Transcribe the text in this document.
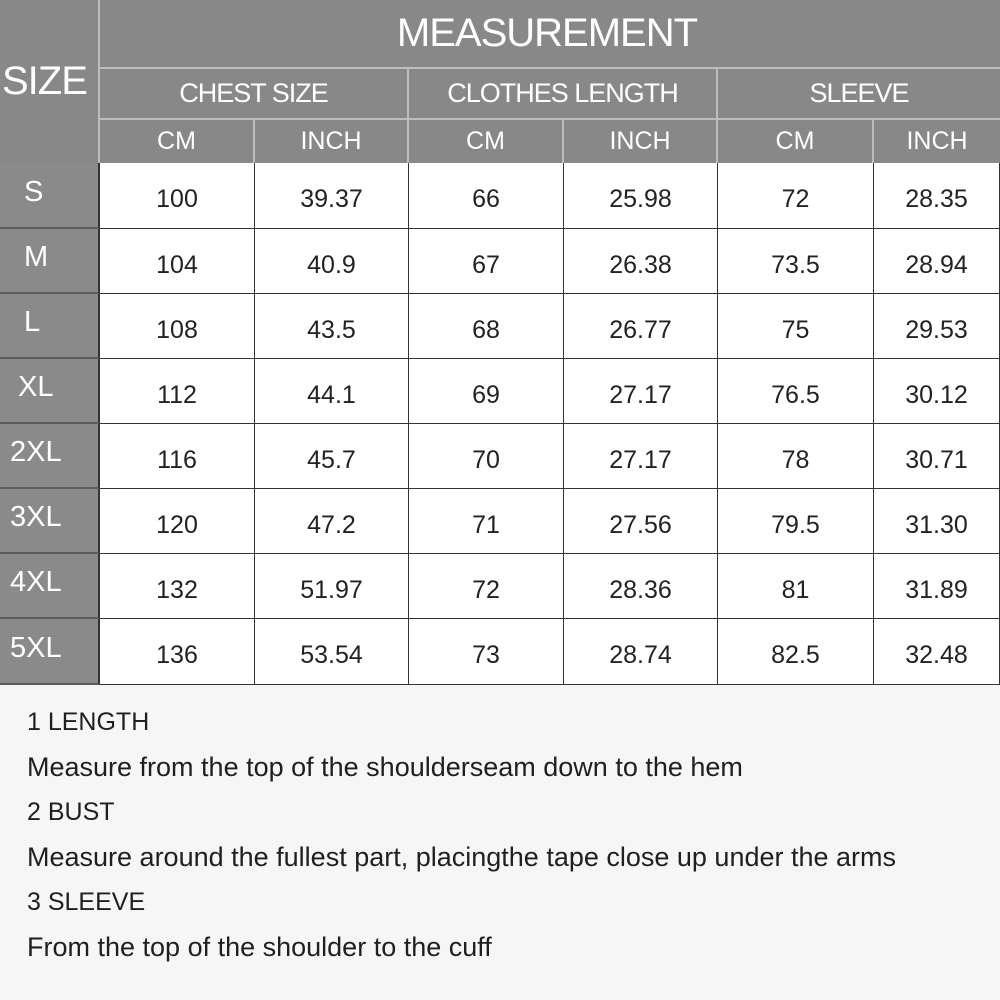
SIZE
MEASUREMENT
CHEST SIZE	CLOTHES LENGTH	SLEEVE
CM	INCH	CM	INCH	CM	INCH
S	100	39.37	66	25.98	72	28.35
M	104	40.9	67	26.38	73.5	28.94
L	108	43.5	68	26.77	75	29.53
XL	112	44.1	69	27.17	76.5	30.12
2XL	116	45.7	70	27.17	78	30.71
3XL	120	47.2	71	27.56	79.5	31.30
4XL	132	51.97	72	28.36	81	31.89
5XL	136	53.54	73	28.74	82.5	32.48
1 LENGTH
Measure from the top of the shoulderseam down to the hem
2 BUST
Measure around the fullest part, placingthe tape close up under the arms
3 SLEEVE
From the top of the shoulder to the cuff
